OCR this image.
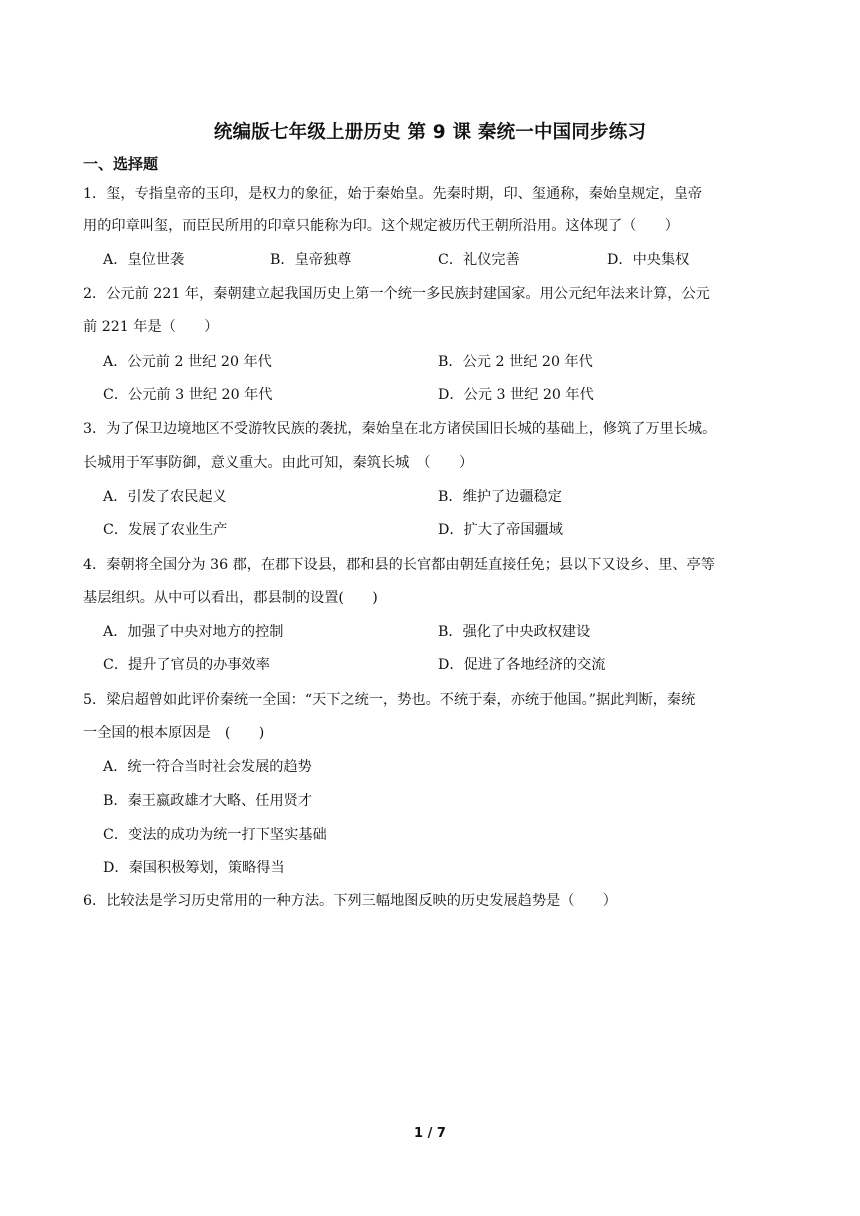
统编版七年级上册历史 第 9 课 秦统一中国同步练习
一、选择题
1．玺，专指皇帝的玉印，是权力的象征，始于秦始皇。先秦时期，印、玺通称，秦始皇规定，皇帝
用的印章叫玺，而臣民所用的印章只能称为印。这个规定被历代王朝所沿用。这体现了（　　）
A．皇位世袭	B．皇帝独尊	C．礼仪完善	D．中央集权
2．公元前 221 年，秦朝建立起我国历史上第一个统一多民族封建国家。用公元纪年法来计算，公元
前 221 年是（　　）
A．公元前 2 世纪 20 年代	B．公元 2 世纪 20 年代
C．公元前 3 世纪 20 年代	D．公元 3 世纪 20 年代
3．为了保卫边境地区不受游牧民族的袭扰，秦始皇在北方诸侯国旧长城的基础上，修筑了万里长城。
长城用于军事防御，意义重大。由此可知，秦筑长城　（　　）
A．引发了农民起义	B．维护了边疆稳定
C．发展了农业生产	D．扩大了帝国疆域
4．秦朝将全国分为 36 郡，在郡下设县，郡和县的长官都由朝廷直接任免；县以下又设乡、里、亭等
基层组织。从中可以看出，郡县制的设置(　　)
A．加强了中央对地方的控制	B．强化了中央政权建设
C．提升了官员的办事效率	D．促进了各地经济的交流
5．梁启超曾如此评价秦统一全国：“天下之统一，势也。不统于秦，亦统于他国。”据此判断，秦统
一全国的根本原因是　(　　)
A．统一符合当时社会发展的趋势
B．秦王嬴政雄才大略、任用贤才
C．变法的成功为统一打下坚实基础
D．秦国积极筹划，策略得当
6．比较法是学习历史常用的一种方法。下列三幅地图反映的历史发展趋势是（　　）
1 / 7
